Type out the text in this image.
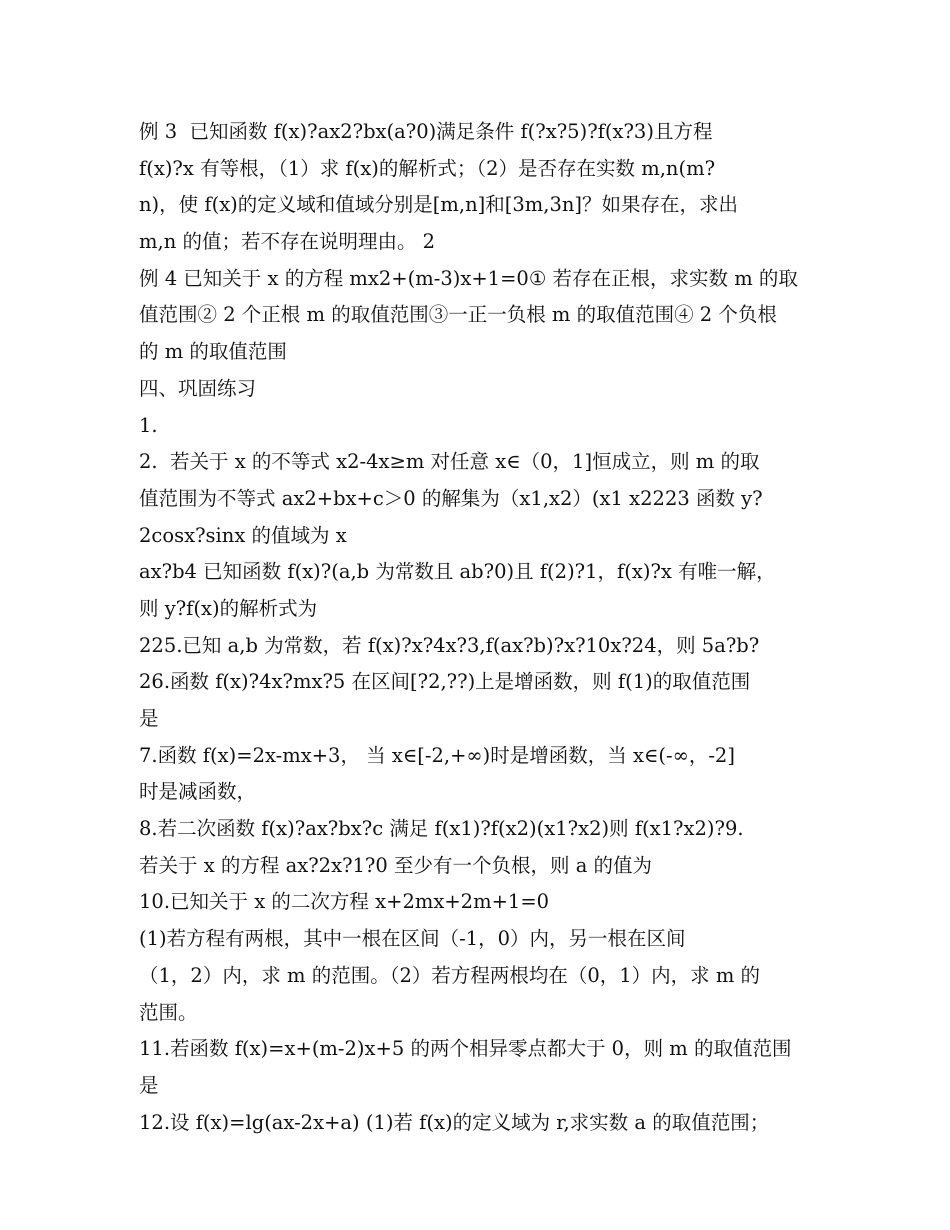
例 3  已知函数 f(x)?ax2?bx(a?0)满足条件 f(?x?5)?f(x?3)且方程
f(x)?x 有等根，（1）求 f(x)的解析式；（2）是否存在实数 m,n(m?
n)，使 f(x)的定义域和值域分别是[m,n]和[3m,3n]？如果存在，求出
m,n 的值；若不存在说明理由。 2
例 4 已知关于 x 的方程 mx2+(m-3)x+1=0① 若存在正根，求实数 m 的取
值范围② 2 个正根 m 的取值范围③一正一负根 m 的取值范围④ 2 个负根
的 m 的取值范围
四、巩固练习
1.
2.  若关于 x 的不等式 x2-4x≥m 对任意 x∈（0，1]恒成立，则 m 的取
值范围为不等式 ax2+bx+c＞0 的解集为（x1,x2）(x1 x2223 函数 y?
2cosx?sinx 的值域为 x
ax?b4 已知函数 f(x)?(a,b 为常数且 ab?0)且 f(2)?1，f(x)?x 有唯一解，
则 y?f(x)的解析式为
225.已知 a,b 为常数，若 f(x)?x?4x?3,f(ax?b)?x?10x?24，则 5a?b?
26.函数 f(x)?4x?mx?5 在区间[?2,??)上是增函数，则 f(1)的取值范围
是
7.函数 f(x)=2x-mx+3， 当 x∈[-2,+∞)时是增函数，当 x∈(-∞，-2]
时是减函数，
8.若二次函数 f(x)?ax?bx?c 满足 f(x1)?f(x2)(x1?x2)则 f(x1?x2)?9.
若关于 x 的方程 ax?2x?1?0 至少有一个负根，则 a 的值为
10.已知关于 x 的二次方程 x+2mx+2m+1=0
(1)若方程有两根，其中一根在区间（-1，0）内，另一根在区间
（1，2）内，求 m 的范围。（2）若方程两根均在（0，1）内，求 m 的
范围。
11.若函数 f(x)=x+(m-2)x+5 的两个相异零点都大于 0，则 m 的取值范围
是
12.设 f(x)=lg(ax-2x+a) (1)若 f(x)的定义域为 r,求实数 a 的取值范围；
